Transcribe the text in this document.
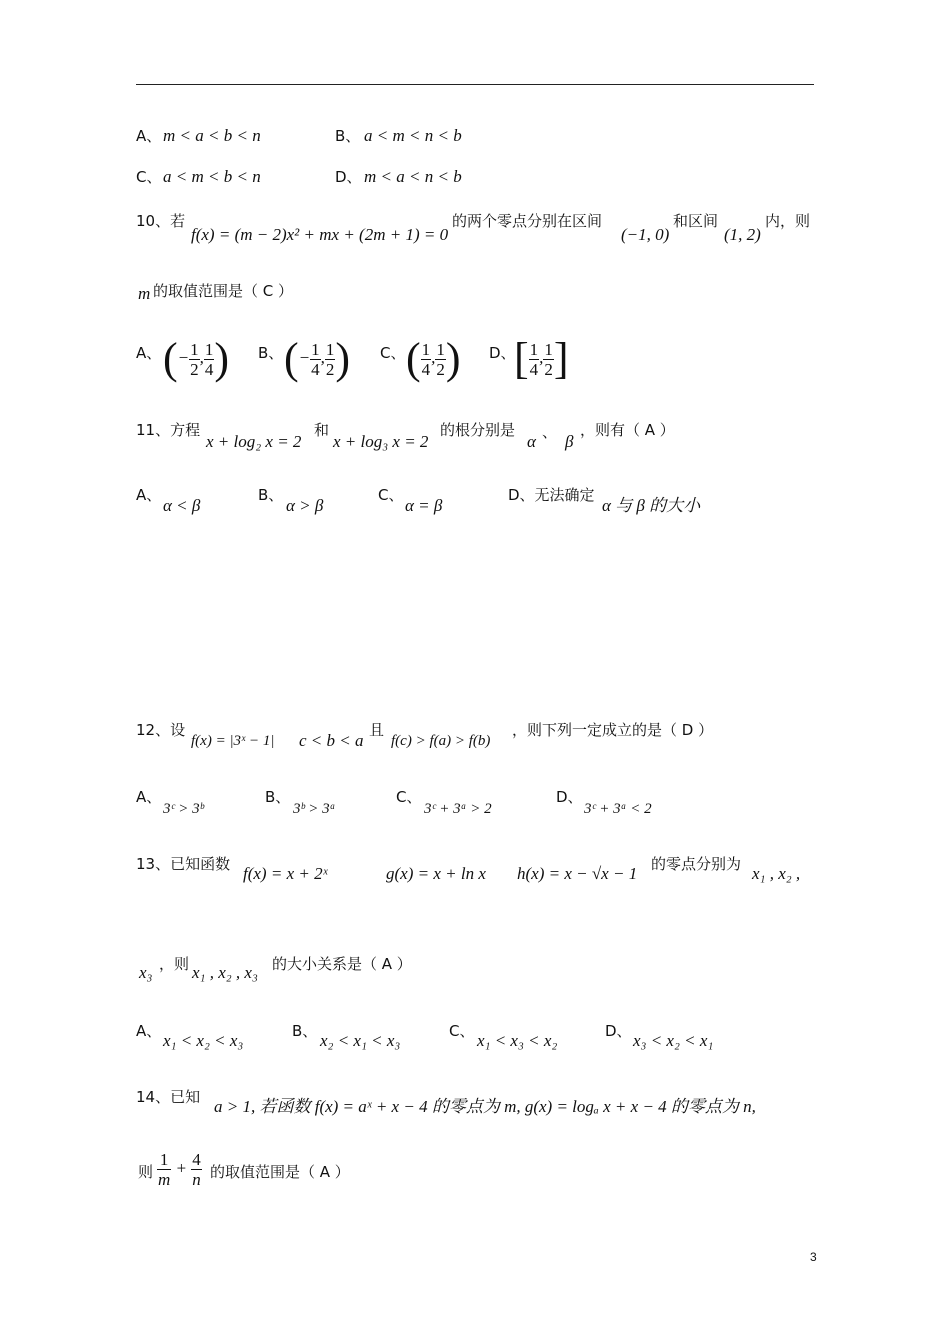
A、 m < a < b < n	B、 a < m < n < b
C、 a < m < b < n	D、 m < a < n < b
10、若
f(x) = (m − 2)x² + mx + (2m + 1) = 0
的两个零点分别在区间
(−1, 0)
和区间
(1, 2)
内，则
m 的取值范围是（ C ）
A、 (− $\frac{1}{2}$ , $\frac{1}{4}$ ) B、 (− $\frac{1}{4}$ , $\frac{1}{2}$ ) C、 ( $\frac{1}{4}$ , $\frac{1}{2}$ ) D、
[ $\frac{1}{4}$ , $\frac{1}{2}$ ]
11、方程
x + log₂ x = 2
和
x + log₃ x = 2
的根分别是
α 、 β
，则有（ A ）
A、
α < β
B、
α > β
C、
α = β
D、无法确定
α 与 β 的大小
12、设
f(x) = |3ˣ − 1| c < b < a
且
f(c) > f(a) > f(b)
，则下列一定成立的是（ D ）
A、
3ᶜ > 3ᵇ
B、
3ᵇ > 3ᵃ
C、
3ᶜ + 3ᵃ > 2
D、
3ᶜ + 3ᵃ < 2
13、已知函数 f(x) = x + 2ˣ	g(x) = x + ln x h(x) = x − √x − 1 的零点分别为 x₁ , x₂ ,
x₃ ，则 x₁ , x₂ , x₃ 的大小关系是（ A ）
A、 x₁ < x₂ < x₃	B、 x₂ < x₁ < x₃	C、 x₁ < x₃ < x₂	D、 x₃ < x₂ < x₁
14、已知 a > 1, 若函数 f(x) = aˣ + x − 4 的零点为 m, g(x) = logₐ x + x − 4 的零点为 n,
则 $\frac{1}{m} + \frac{4}{n}$ 的取值范围是（ A ）
3
